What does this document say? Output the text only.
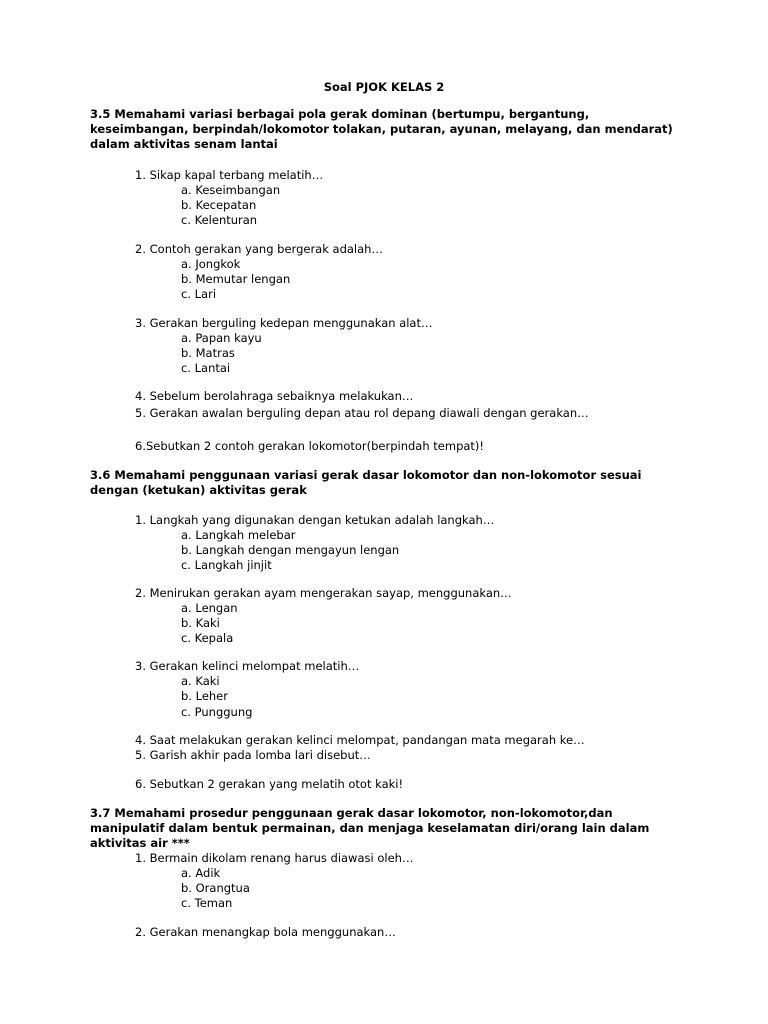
Soal PJOK KELAS 2
3.5 Memahami variasi berbagai pola gerak dominan (bertumpu, bergantung, keseimbangan, berpindah/lokomotor tolakan, putaran, ayunan, melayang, dan mendarat) dalam aktivitas senam lantai
1. Sikap kapal terbang melatih…
a. Keseimbangan
b. Kecepatan
c. Kelenturan
2. Contoh gerakan yang bergerak adalah…
a. Jongkok
b. Memutar lengan
c. Lari
3. Gerakan berguling kedepan menggunakan alat…
a. Papan kayu
b. Matras
c. Lantai
4. Sebelum berolahraga sebaiknya melakukan…
5. Gerakan awalan berguling depan atau rol depang diawali dengan gerakan…
6.Sebutkan 2 contoh gerakan lokomotor(berpindah tempat)!
3.6 Memahami penggunaan variasi gerak dasar lokomotor dan non-lokomotor sesuai dengan (ketukan) aktivitas gerak
1. Langkah yang digunakan dengan ketukan adalah langkah…
a. Langkah melebar
b. Langkah dengan mengayun lengan
c. Langkah jinjit
2. Menirukan gerakan ayam mengerakan sayap, menggunakan…
a. Lengan
b. Kaki
c. Kepala
3. Gerakan kelinci melompat melatih…
a. Kaki
b. Leher
c. Punggung
4. Saat melakukan gerakan kelinci melompat, pandangan mata megarah ke…
5. Garish akhir pada lomba lari disebut…
6. Sebutkan 2 gerakan yang melatih otot kaki!
3.7 Memahami prosedur penggunaan gerak dasar lokomotor, non-lokomotor,dan manipulatif dalam bentuk permainan, dan menjaga keselamatan diri/orang lain dalam aktivitas air ***
1. Bermain dikolam renang harus diawasi oleh…
a. Adik
b. Orangtua
c. Teman
2. Gerakan menangkap bola menggunakan…
